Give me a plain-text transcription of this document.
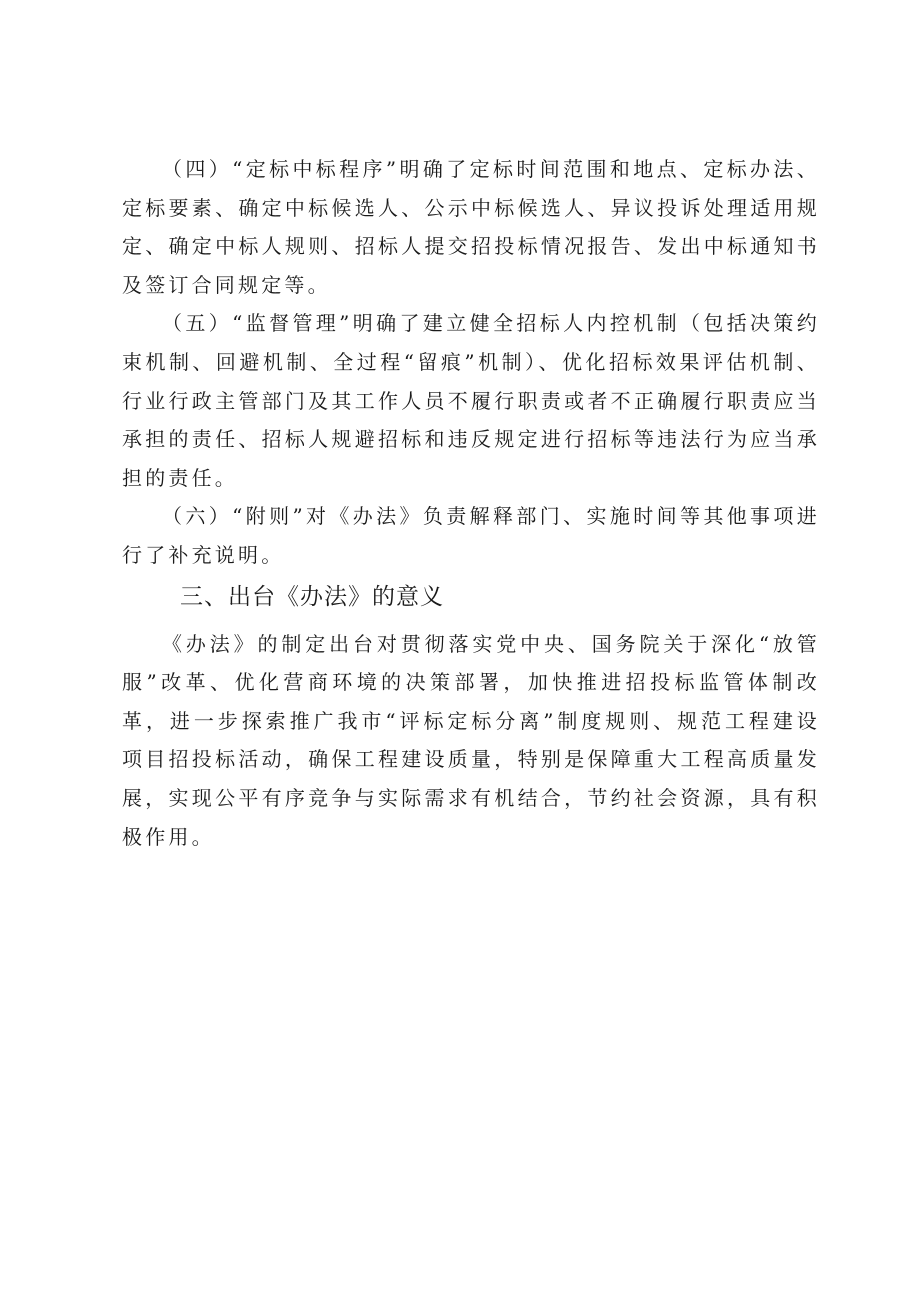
（四）“定标中标程序”明确了定标时间范围和地点、定标办法、定标要素、确定中标候选人、公示中标候选人、异议投诉处理适用规定、确定中标人规则、招标人提交招投标情况报告、发出中标通知书及签订合同规定等。

（五）“监督管理”明确了建立健全招标人内控机制（包括决策约束机制、回避机制、全过程“留痕”机制）、优化招标效果评估机制、行业行政主管部门及其工作人员不履行职责或者不正确履行职责应当承担的责任、招标人规避招标和违反规定进行招标等违法行为应当承担的责任。

（六）“附则”对《办法》负责解释部门、实施时间等其他事项进行了补充说明。

三、出台《办法》的意义

《办法》的制定出台对贯彻落实党中央、国务院关于深化“放管服”改革、优化营商环境的决策部署，加快推进招投标监管体制改革，进一步探索推广我市“评标定标分离”制度规则、规范工程建设项目招投标活动，确保工程建设质量，特别是保障重大工程高质量发展，实现公平有序竞争与实际需求有机结合，节约社会资源，具有积极作用。
